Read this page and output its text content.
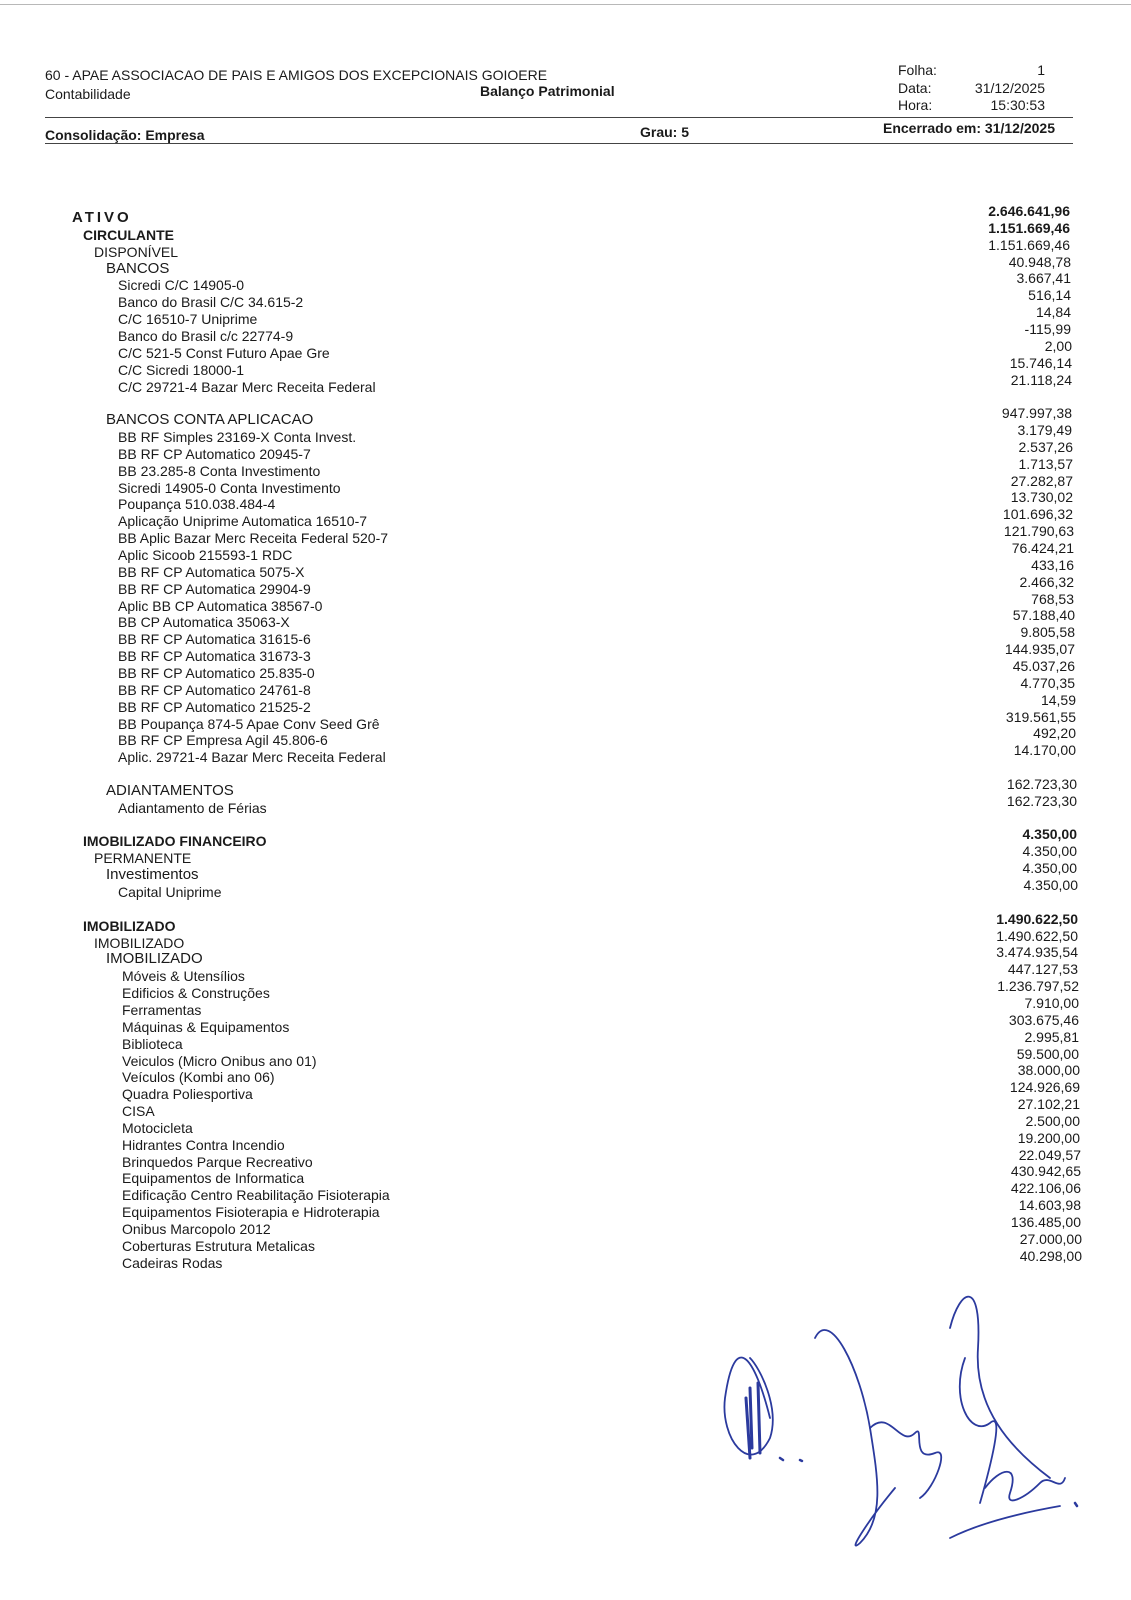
60 - APAE ASSOCIACAO DE PAIS E AMIGOS DOS EXCEPCIONAIS GOIOERE
Contabilidade	Balanço Patrimonial
Folha:	1
Data:	31/12/2025
Hora:	15:30:53
Consolidação: Empresa	Grau: 5	Encerrado em: 31/12/2025
ATIVO	2.646.641,96
CIRCULANTE	1.151.669,46
DISPONÍVEL	1.151.669,46
BANCOS	40.948,78
Sicredi C/C 14905-0	3.667,41
Banco do Brasil C/C 34.615-2	516,14
C/C 16510-7 Uniprime	14,84
Banco do Brasil c/c 22774-9	-115,99
C/C 521-5 Const Futuro Apae Gre	2,00
C/C Sicredi 18000-1	15.746,14
C/C 29721-4 Bazar Merc Receita Federal	21.118,24
BANCOS CONTA APLICACAO	947.997,38
BB RF Simples 23169-X Conta Invest.	3.179,49
BB RF CP Automatico 20945-7	2.537,26
BB 23.285-8 Conta Investimento	1.713,57
Sicredi 14905-0 Conta Investimento	27.282,87
Poupança 510.038.484-4	13.730,02
Aplicação Uniprime Automatica 16510-7	101.696,32
BB Aplic Bazar Merc Receita Federal 520-7	121.790,63
Aplic Sicoob 215593-1 RDC	76.424,21
BB RF CP Automatica 5075-X	433,16
BB RF CP Automatica 29904-9	2.466,32
Aplic BB CP Automatica 38567-0	768,53
BB CP Automatica 35063-X	57.188,40
BB RF CP Automatica 31615-6	9.805,58
BB RF CP Automatica 31673-3	144.935,07
BB RF CP Automatico 25.835-0	45.037,26
BB RF CP Automatico 24761-8	4.770,35
BB RF CP Automatico 21525-2	14,59
BB Poupança 874-5 Apae Conv Seed Grê	319.561,55
BB RF CP Empresa Agil 45.806-6	492,20
Aplic. 29721-4 Bazar Merc Receita Federal	14.170,00
ADIANTAMENTOS	162.723,30
Adiantamento de Férias	162.723,30
IMOBILIZADO FINANCEIRO	4.350,00
PERMANENTE	4.350,00
Investimentos	4.350,00
Capital Uniprime	4.350,00
IMOBILIZADO	1.490.622,50
IMOBILIZADO	1.490.622,50
IMOBILIZADO	3.474.935,54
Móveis & Utensílios	447.127,53
Edificios & Construções	1.236.797,52
Ferramentas	7.910,00
Máquinas & Equipamentos	303.675,46
Biblioteca	2.995,81
Veiculos (Micro Onibus ano 01)	59.500,00
Veículos (Kombi ano 06)	38.000,00
Quadra Poliesportiva	124.926,69
CISA	27.102,21
Motocicleta	2.500,00
Hidrantes Contra Incendio	19.200,00
Brinquedos Parque Recreativo	22.049,57
Equipamentos de Informatica	430.942,65
Edificação Centro Reabilitação Fisioterapia	422.106,06
Equipamentos Fisioterapia e Hidroterapia	14.603,98
Onibus Marcopolo 2012	136.485,00
Coberturas Estrutura Metalicas	27.000,00
Cadeiras Rodas	40.298,00
